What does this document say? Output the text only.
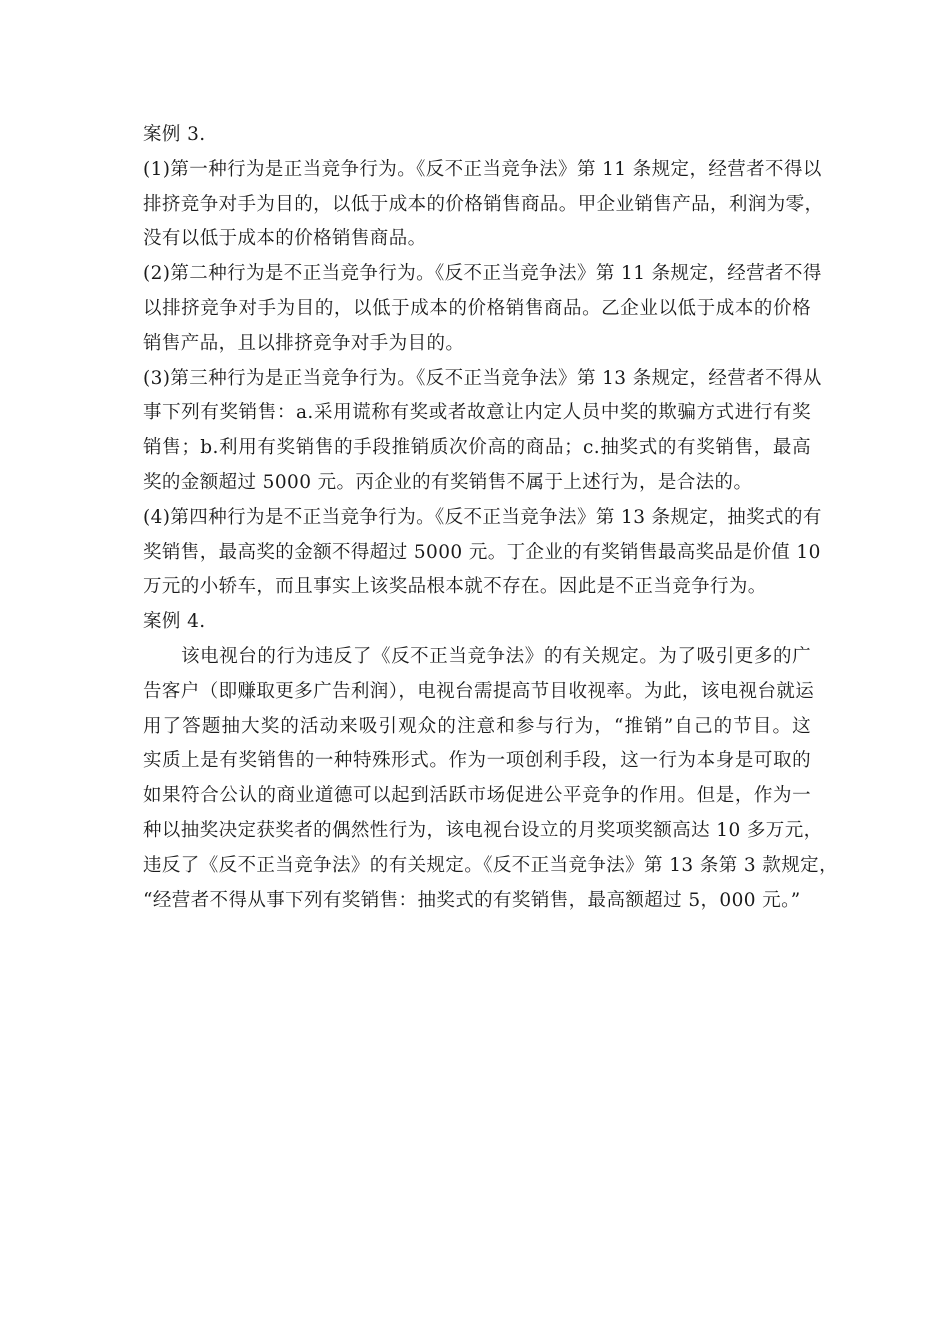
案例 3.
(1)第一种行为是正当竞争行为。《反不正当竞争法》第 11 条规定，经营者不得以
排挤竞争对手为目的，以低于成本的价格销售商品。甲企业销售产品，利润为零，
没有以低于成本的价格销售商品。
(2)第二种行为是不正当竞争行为。《反不正当竞争法》第 11 条规定，经营者不得
以排挤竞争对手为目的，以低于成本的价格销售商品。乙企业以低于成本的价格
销售产品，且以排挤竞争对手为目的。
(3)第三种行为是正当竞争行为。《反不正当竞争法》第 13 条规定，经营者不得从
事下列有奖销售：a.采用谎称有奖或者故意让内定人员中奖的欺骗方式进行有奖
销售；b.利用有奖销售的手段推销质次价高的商品；c.抽奖式的有奖销售，最高
奖的金额超过 5000 元。丙企业的有奖销售不属于上述行为，是合法的。
(4)第四种行为是不正当竞争行为。《反不正当竞争法》第 13 条规定，抽奖式的有
奖销售，最高奖的金额不得超过 5000 元。丁企业的有奖销售最高奖品是价值 10
万元的小轿车，而且事实上该奖品根本就不存在。因此是不正当竞争行为。
案例 4.
该电视台的行为违反了《反不正当竞争法》的有关规定。为了吸引更多的广
告客户（即赚取更多广告利润），电视台需提高节目收视率。为此，该电视台就运
用了答题抽大奖的活动来吸引观众的注意和参与行为，“推销”自己的节目。这
实质上是有奖销售的一种特殊形式。作为一项创利手段，这一行为本身是可取的
如果符合公认的商业道德可以起到活跃市场促进公平竞争的作用。但是，作为一
种以抽奖决定获奖者的偶然性行为，该电视台设立的月奖项奖额高达 10 多万元，
违反了《反不正当竞争法》的有关规定。《反不正当竞争法》第 13 条第 3 款规定，
“经营者不得从事下列有奖销售：抽奖式的有奖销售，最高额超过 5，000 元。”
